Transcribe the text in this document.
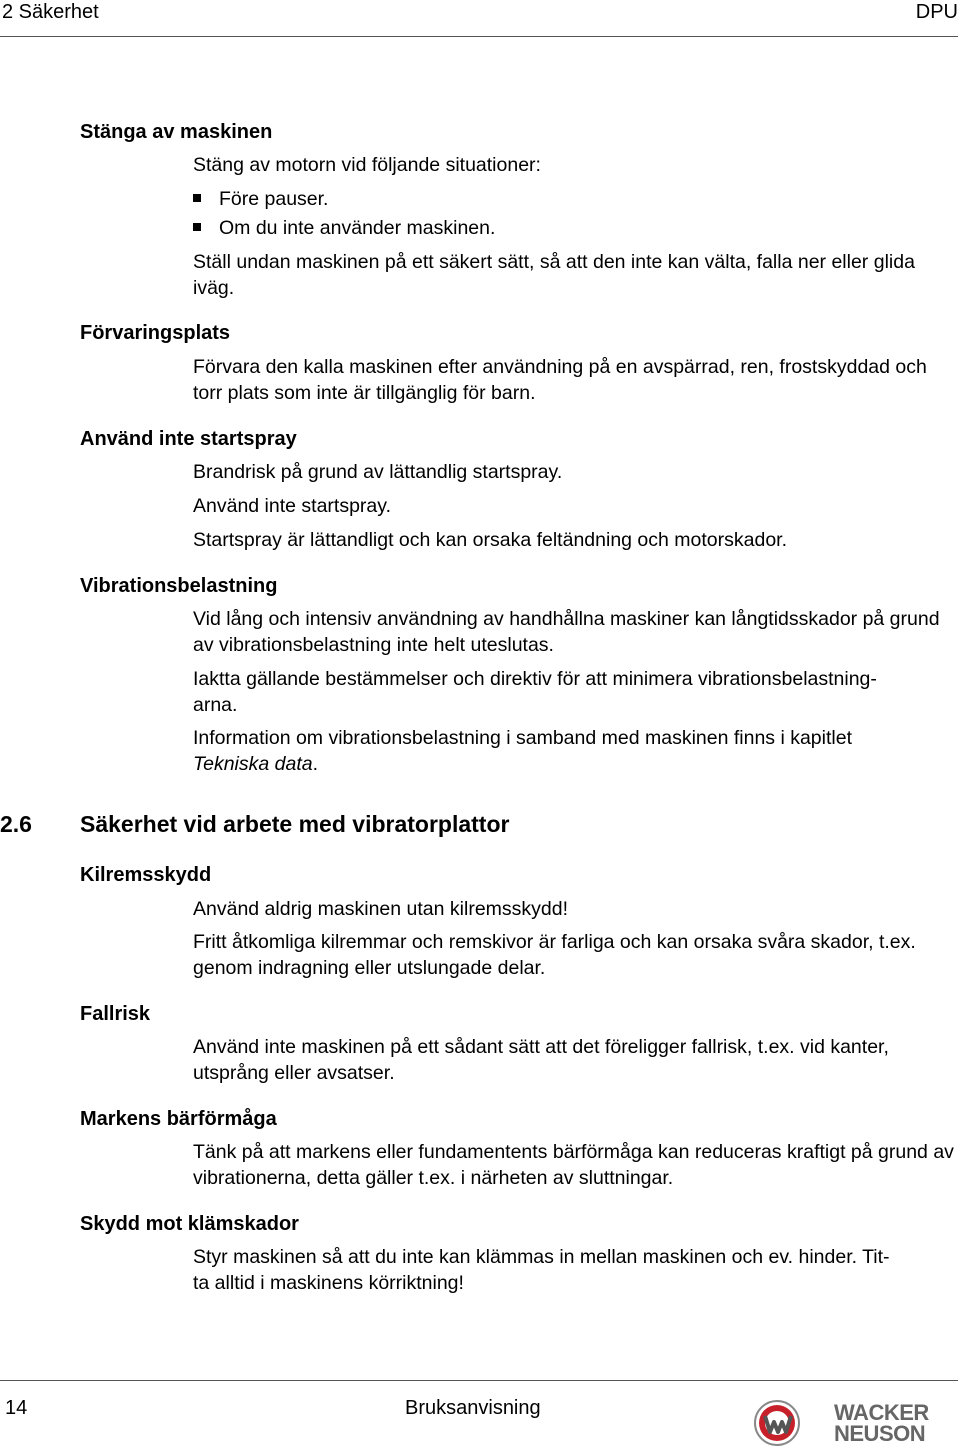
2 Säkerhet	DPU
Stänga av maskinen
Stäng av motorn vid följande situationer:
Före pauser.
Om du inte använder maskinen.
Ställ undan maskinen på ett säkert sätt, så att den inte kan välta, falla ner eller glida iväg.
Förvaringsplats
Förvara den kalla maskinen efter användning på en avspärrad, ren, frostskyddad och torr plats som inte är tillgänglig för barn.
Använd inte startspray
Brandrisk på grund av lättandlig startspray.
Använd inte startspray.
Startspray är lättandligt och kan orsaka feltändning och motorskador.
Vibrationsbelastning
Vid lång och intensiv användning av handhållna maskiner kan långtidsskador på grund av vibrationsbelastning inte helt uteslutas.
Iaktta gällande bestämmelser och direktiv för att minimera vibrationsbelastning-
arna.
Information om vibrationsbelastning i samband med maskinen finns i kapitlet
Tekniska data.
2.6 Säkerhet vid arbete med vibratorplattor
Kilremsskydd
Använd aldrig maskinen utan kilremsskydd!
Fritt åtkomliga kilremmar och remskivor är farliga och kan orsaka svåra skador, t.ex. genom indragning eller utslungade delar.
Fallrisk
Använd inte maskinen på ett sådant sätt att det föreligger fallrisk, t.ex. vid kanter, utsprång eller avsatser.
Markens bärförmåga
Tänk på att markens eller fundamentents bärförmåga kan reduceras kraftigt på grund av vibrationerna, detta gäller t.ex. i närheten av sluttningar.
Skydd mot klämskador
Styr maskinen så att du inte kan klämmas in mellan maskinen och ev. hinder. Tit-
ta alltid i maskinens körriktning!
14	Bruksanvisning	WACKER
NEUSON
